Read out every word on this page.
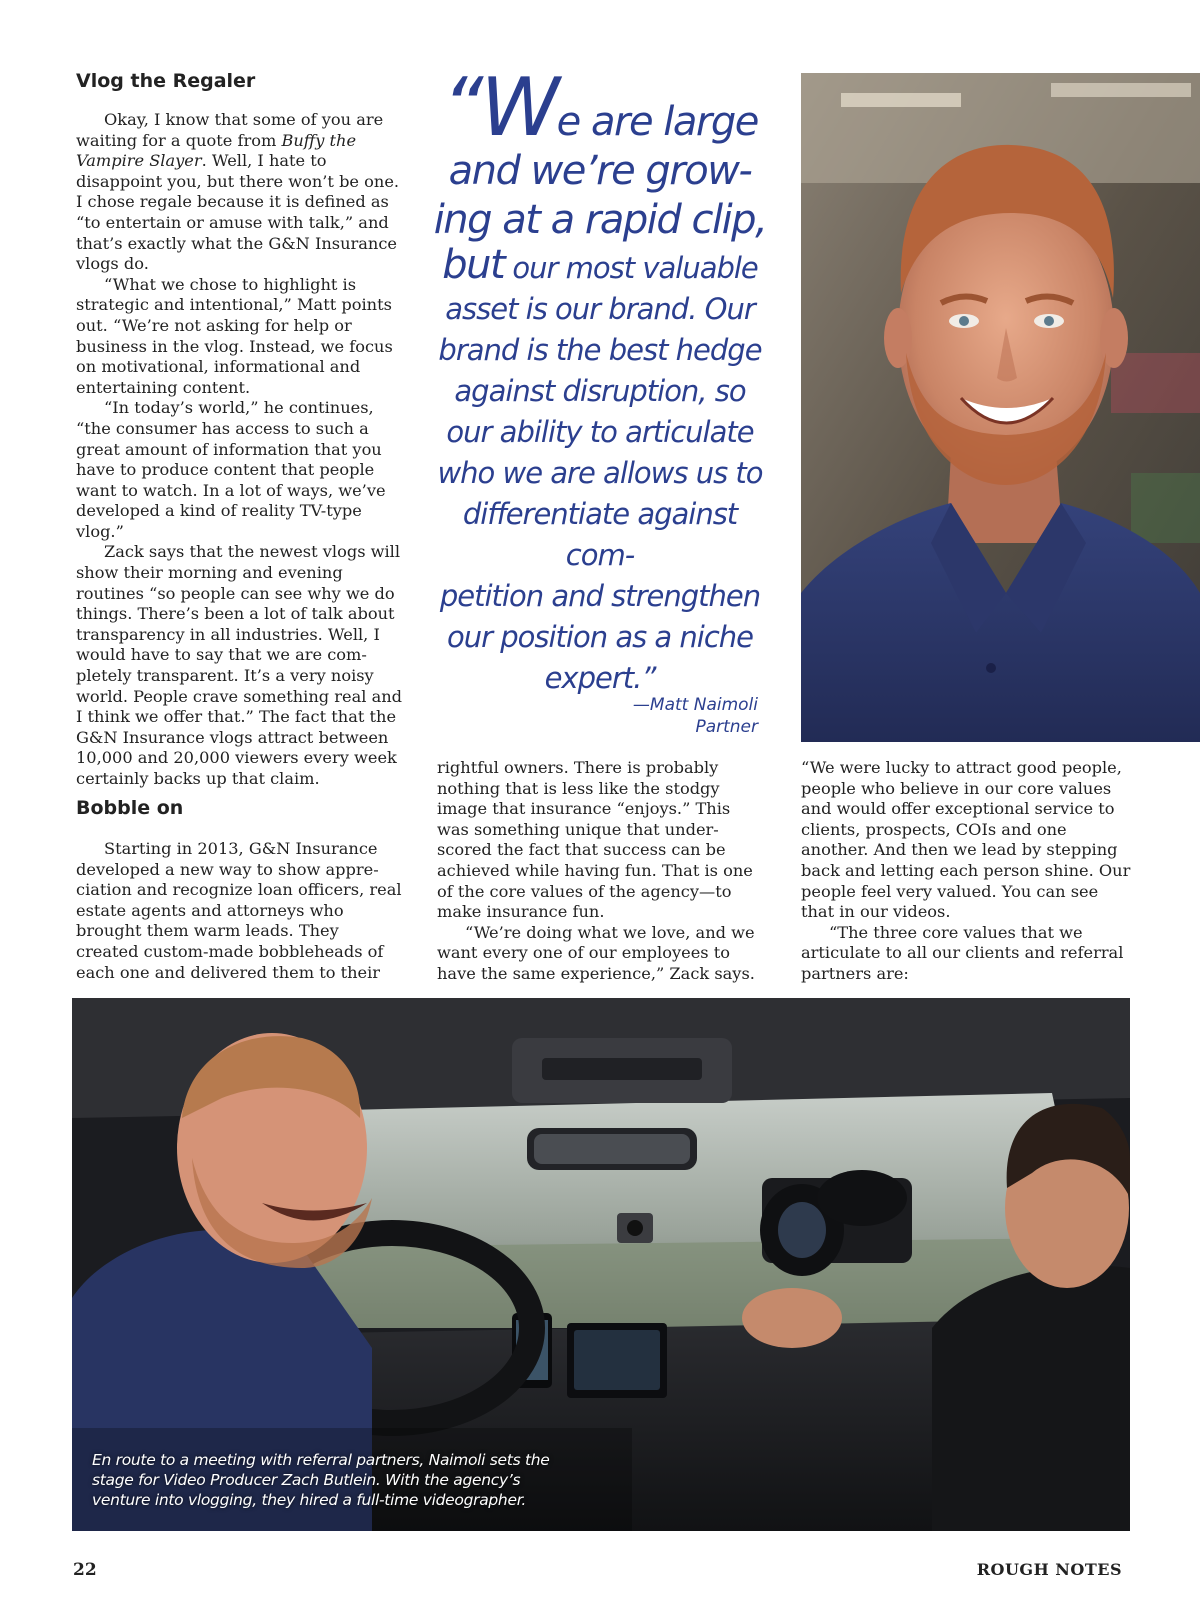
Vlog the Regaler

Okay, I know that some of you are waiting for a quote from Buffy the Vampire Slayer. Well, I hate to disappoint you, but there won’t be one. I chose regale because it is defined as “to entertain or amuse with talk,” and that’s exactly what the G&N Insurance vlogs do.

“What we chose to highlight is strategic and intentional,” Matt points out. “We’re not asking for help or business in the vlog. Instead, we focus on motivational, informational and entertaining content.

“In today’s world,” he continues, “the consumer has access to such a great amount of information that you have to produce content that people want to watch. In a lot of ways, we’ve developed a kind of reality TV-type vlog.”

Zack says that the newest vlogs will show their morning and evening routines “so people can see why we do things. There’s been a lot of talk about transparency in all industries. Well, I would have to say that we are completely transparent. It’s a very noisy world. People crave something real and I think we offer that.” The fact that the G&N Insurance vlogs attract between 10,000 and 20,000 viewers every week certainly backs up that claim.

Bobble on

Starting in 2013, G&N Insurance developed a new way to show appreciation and recognize loan officers, real estate agents and attorneys who brought them warm leads. They created custom-made bobbleheads of each one and delivered them to their

“We are large
and we’re grow-
ing at a rapid clip,
but our most valuable
asset is our brand. Our
brand is the best hedge
against disruption, so
our ability to articulate
who we are allows us to
differentiate against com-
petition and strengthen
our position as a niche
expert.”
—Matt Naimoli
Partner

rightful owners. There is probably nothing that is less like the stodgy image that insurance “enjoys.” This was something unique that underscored the fact that success can be achieved while having fun. That is one of the core values of the agency—to make insurance fun.

“We’re doing what we love, and we want every one of our employees to have the same experience,” Zack says.

“We were lucky to attract good people, people who believe in our core values and would offer exceptional service to clients, prospects, COIs and one another. And then we lead by stepping back and letting each person shine. Our people feel very valued. You can see that in our videos.

“The three core values that we articulate to all our clients and referral partners are:

En route to a meeting with referral partners, Naimoli sets the stage for Video Producer Zach Butlein. With the agency’s venture into vlogging, they hired a full-time videographer.
22	ROUGH NOTES
